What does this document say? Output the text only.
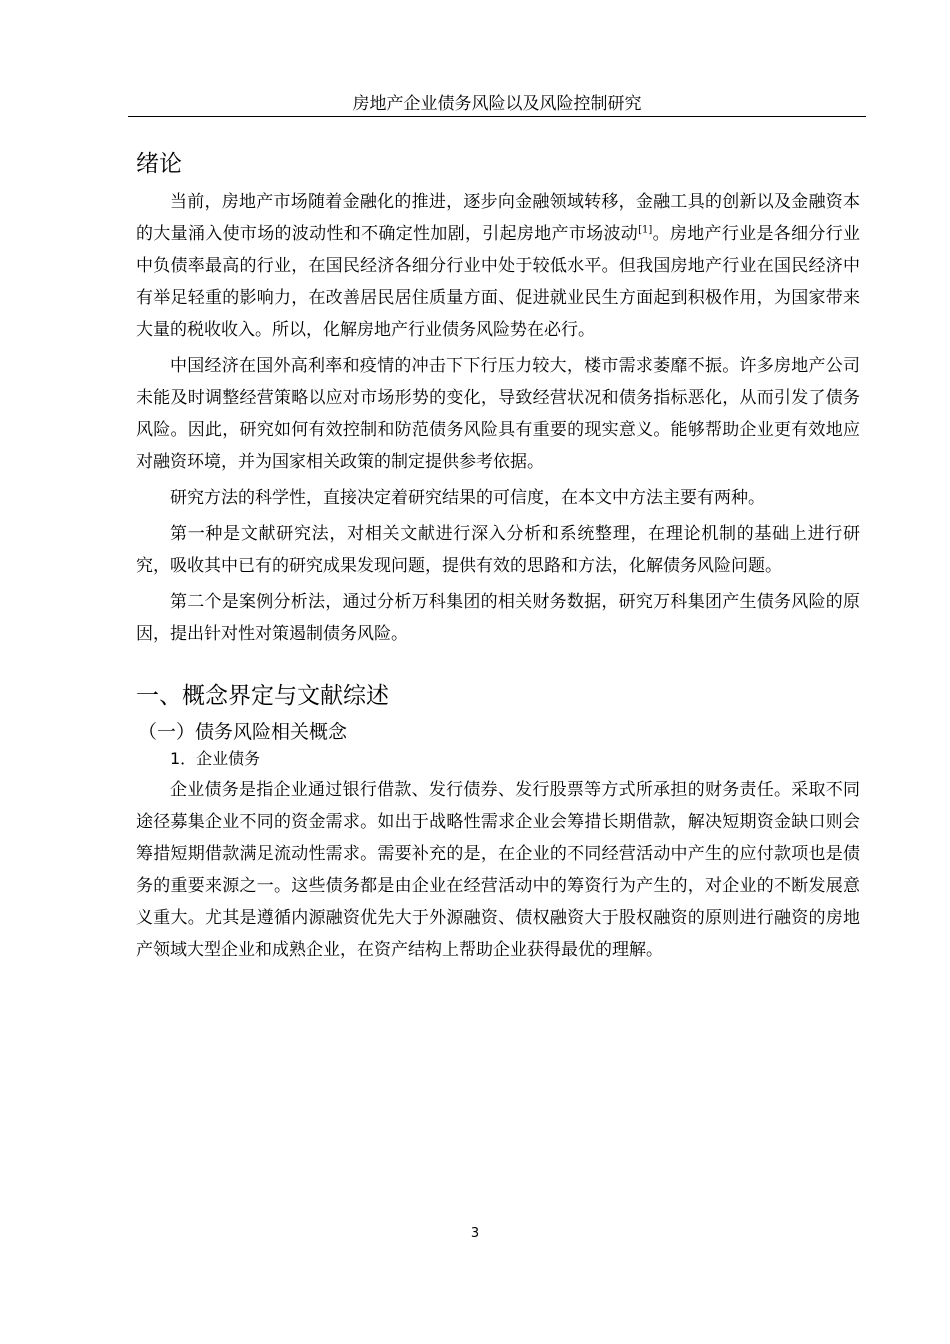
房地产企业债务风险以及风险控制研究
绪论

当前，房地产市场随着金融化的推进，逐步向金融领域转移，金融工具的创新以及金融资本的大量涌入使市场的波动性和不确定性加剧，引起房地产市场波动[1]。房地产行业是各细分行业中负债率最高的行业，在国民经济各细分行业中处于较低水平。但我国房地产行业在国民经济中有举足轻重的影响力，在改善居民居住质量方面、促进就业民生方面起到积极作用，为国家带来大量的税收收入。所以，化解房地产行业债务风险势在必行。

中国经济在国外高利率和疫情的冲击下下行压力较大，楼市需求萎靡不振。许多房地产公司未能及时调整经营策略以应对市场形势的变化，导致经营状况和债务指标恶化，从而引发了债务风险。因此，研究如何有效控制和防范债务风险具有重要的现实意义。能够帮助企业更有效地应对融资环境，并为国家相关政策的制定提供参考依据。

研究方法的科学性，直接决定着研究结果的可信度，在本文中方法主要有两种。

第一种是文献研究法，对相关文献进行深入分析和系统整理，在理论机制的基础上进行研究，吸收其中已有的研究成果发现问题，提供有效的思路和方法，化解债务风险问题。

第二个是案例分析法，通过分析万科集团的相关财务数据，研究万科集团产生债务风险的原因，提出针对性对策遏制债务风险。

一、概念界定与文献综述
（一）债务风险相关概念
1．企业债务

企业债务是指企业通过银行借款、发行债券、发行股票等方式所承担的财务责任。采取不同途径募集企业不同的资金需求。如出于战略性需求企业会筹措长期借款，解决短期资金缺口则会筹措短期借款满足流动性需求。需要补充的是，在企业的不同经营活动中产生的应付款项也是债务的重要来源之一。这些债务都是由企业在经营活动中的筹资行为产生的，对企业的不断发展意义重大。尤其是遵循内源融资优先大于外源融资、债权融资大于股权融资的原则进行融资的房地产领域大型企业和成熟企业，在资产结构上帮助企业获得最优的理解。

3
